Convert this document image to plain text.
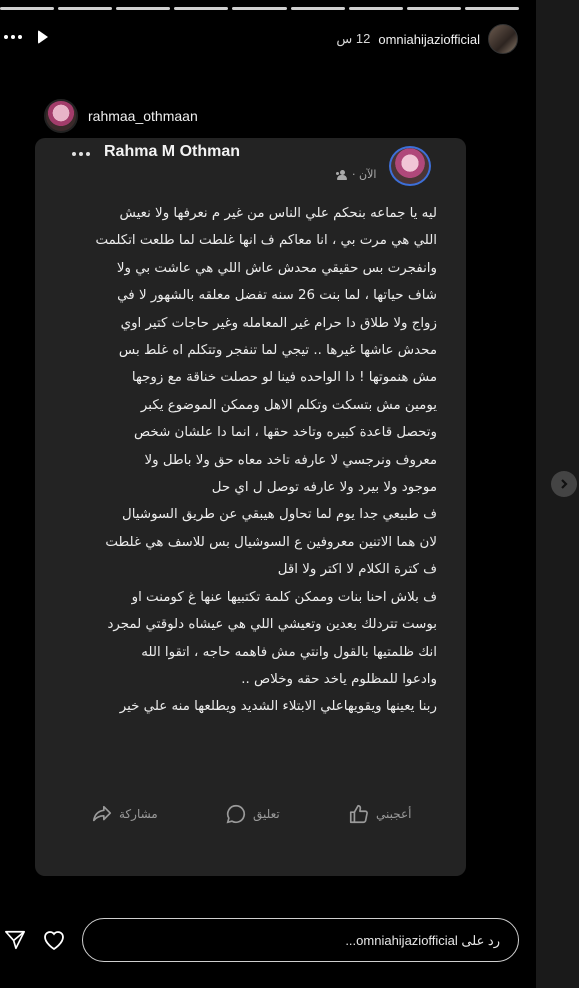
omniahijaziofficial
12 س
rahmaa_othmaan
Rahma M Othman
الآن ·
ليه يا جماعه بنحكم علي الناس من غير م نعرفها ولا نعيش
اللي هي مرت بي ، انا معاكم ف انها غلطت لما طلعت اتكلمت
وانفجرت بس حقيقي محدش عاش اللي هي عاشت بي ولا
شاف حياتها ، لما بنت 26 سنه تفضل معلقه بالشهور لا في
زواج ولا طلاق دا حرام غير المعامله وغير حاجات كتير اوي
محدش عاشها غيرها .. تيجي لما تنفجر وتتكلم اه غلط بس
مش هنموتها ! دا الواحده فينا لو حصلت خناقة مع زوجها
يومين مش بتسكت وتكلم الاهل وممكن الموضوع يكبر
وتحصل قاعدة كبيره وتاخد حقها ، انما دا علشان شخص
معروف ونرجسي لا عارفه تاخد معاه حق ولا باطل ولا
موجود ولا بيرد ولا عارفه توصل ل اي حل
ف طبيعي جدا يوم لما تحاول هيبقي عن طريق السوشيال
لان هما الاتنين معروفين ع السوشيال بس للاسف هي غلطت
ف كترة الكلام لا اكتر ولا اقل
ف بلاش احنا بنات وممكن كلمة تكتبيها عنها غ كومنت او
بوست تتردلك بعدين وتعيشي اللي هي عيشاه دلوقتي لمجرد
انك ظلمتيها بالقول وانتي مش فاهمه حاجه ، اتقوا الله
وادعوا للمظلوم ياخد حقه وخلاص ..
ربنا يعينها ويقويهاعلي الابتلاء الشديد ويطلعها منه علي خير
أعجبني
تعليق
مشاركة
رد على omniahijaziofficial...
